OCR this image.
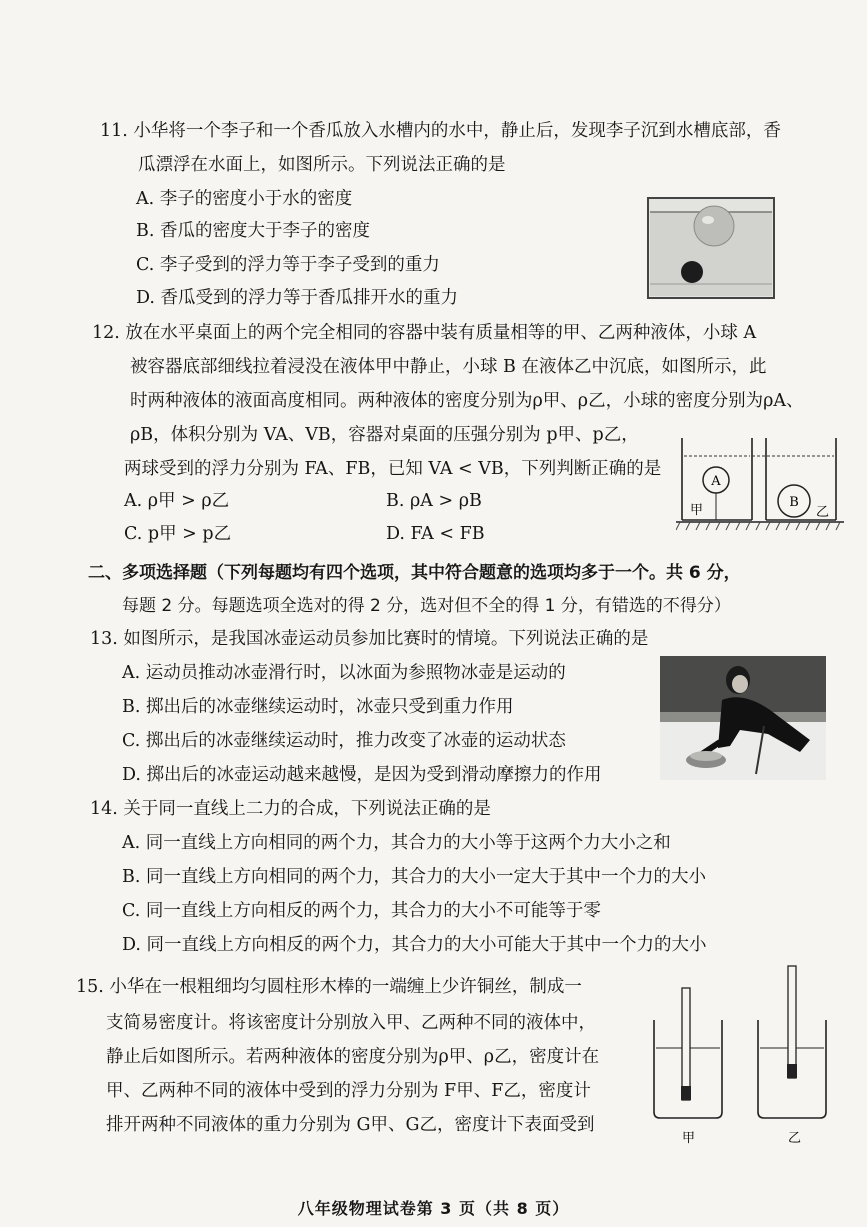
11. 小华将一个李子和一个香瓜放入水槽内的水中，静止后，发现李子沉到水槽底部，香
瓜漂浮在水面上，如图所示。下列说法正确的是
A. 李子的密度小于水的密度
B. 香瓜的密度大于李子的密度
C. 李子受到的浮力等于李子受到的重力
D. 香瓜受到的浮力等于香瓜排开水的重力
12. 放在水平桌面上的两个完全相同的容器中装有质量相等的甲、乙两种液体，小球 A
被容器底部细线拉着浸没在液体甲中静止，小球 B 在液体乙中沉底，如图所示，此
时两种液体的液面高度相同。两种液体的密度分别为ρ甲、ρ乙，小球的密度分别为ρA、
ρB，体积分别为 VA、VB，容器对桌面的压强分别为 p甲、p乙，
两球受到的浮力分别为 FA、FB，已知 VA < VB，下列判断正确的是
A. ρ甲 > ρ乙	B. ρA > ρB
C. p甲 > p乙	D. FA < FB
A
B
甲	乙
二、多项选择题（下列每题均有四个选项，其中符合题意的选项均多于一个。共 6 分，
每题 2 分。每题选项全选对的得 2 分，选对但不全的得 1 分，有错选的不得分）
13. 如图所示，是我国冰壶运动员参加比赛时的情境。下列说法正确的是
A. 运动员推动冰壶滑行时，以冰面为参照物冰壶是运动的
B. 掷出后的冰壶继续运动时，冰壶只受到重力作用
C. 掷出后的冰壶继续运动时，推力改变了冰壶的运动状态
D. 掷出后的冰壶运动越来越慢，是因为受到滑动摩擦力的作用
14. 关于同一直线上二力的合成，下列说法正确的是
A. 同一直线上方向相同的两个力，其合力的大小等于这两个力大小之和
B. 同一直线上方向相同的两个力，其合力的大小一定大于其中一个力的大小
C. 同一直线上方向相反的两个力，其合力的大小不可能等于零
D. 同一直线上方向相反的两个力，其合力的大小可能大于其中一个力的大小
15. 小华在一根粗细均匀圆柱形木棒的一端缠上少许铜丝，制成一
支简易密度计。将该密度计分别放入甲、乙两种不同的液体中，
静止后如图所示。若两种液体的密度分别为ρ甲、ρ乙，密度计在
甲、乙两种不同的液体中受到的浮力分别为 F甲、F乙，密度计
排开两种不同液体的重力分别为 G甲、G乙，密度计下表面受到
甲	乙
八年级物理试卷第 3 页（共 8 页）
